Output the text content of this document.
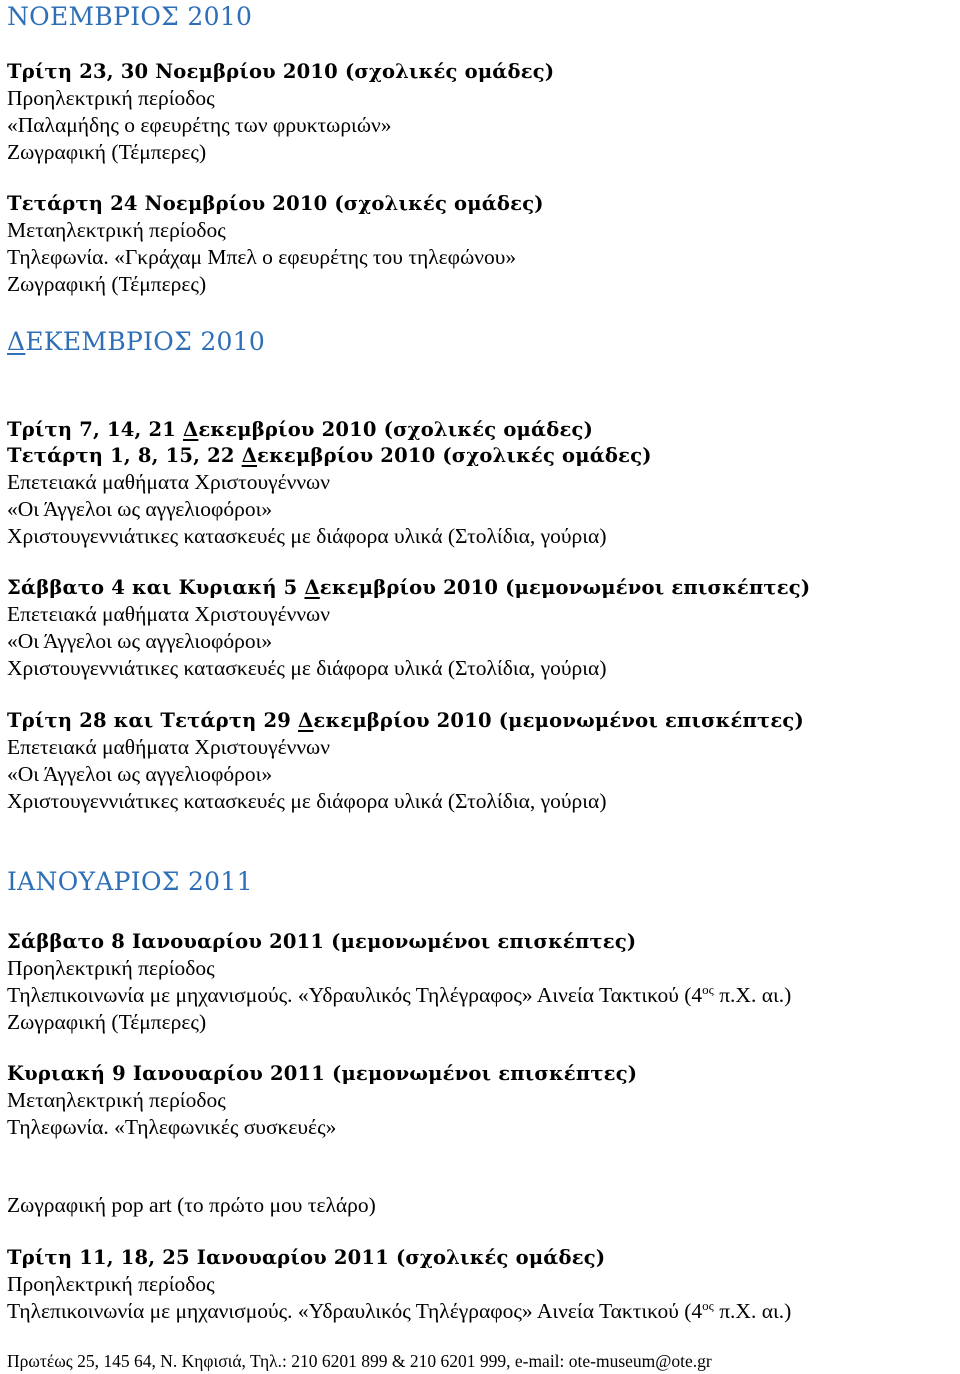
ΝΟΕΜΒΡΙΟΣ 2010
Τρίτη 23, 30 Νοεμβρίου 2010 (σχολικές ομάδες)
Προηλεκτρική περίοδος
«Παλαμήδης ο εφευρέτης των φρυκτωριών»
Ζωγραφική (Τέμπερες)
Τετάρτη 24 Νοεμβρίου 2010 (σχολικές ομάδες)
Μεταηλεκτρική περίοδος
Τηλεφωνία. «Γκράχαμ Μπελ ο εφευρέτης του τηλεφώνου»
Ζωγραφική (Τέμπερες)
ΔΕΚΕΜΒΡΙΟΣ 2010
Τρίτη 7, 14, 21 Δεκεμβρίου 2010 (σχολικές ομάδες)
Τετάρτη 1, 8, 15, 22 Δεκεμβρίου 2010 (σχολικές ομάδες)
Επετειακά μαθήματα Χριστουγέννων
«Οι Άγγελοι ως αγγελιοφόροι»
Χριστουγεννιάτικες κατασκευές με διάφορα υλικά (Στολίδια, γούρια)
Σάββατο 4 και Κυριακή 5 Δεκεμβρίου 2010 (μεμονωμένοι επισκέπτες)
Επετειακά μαθήματα Χριστουγέννων
«Οι Άγγελοι ως αγγελιοφόροι»
Χριστουγεννιάτικες κατασκευές με διάφορα υλικά (Στολίδια, γούρια)
Τρίτη 28 και Τετάρτη 29 Δεκεμβρίου 2010 (μεμονωμένοι επισκέπτες)
Επετειακά μαθήματα Χριστουγέννων
«Οι Άγγελοι ως αγγελιοφόροι»
Χριστουγεννιάτικες κατασκευές με διάφορα υλικά (Στολίδια, γούρια)
ΙΑΝΟΥΑΡΙΟΣ 2011
Σάββατο 8 Ιανουαρίου 2011 (μεμονωμένοι επισκέπτες)
Προηλεκτρική περίοδος
Τηλεπικοινωνία με μηχανισμούς. «Υδραυλικός Τηλέγραφος» Αινεία Τακτικού ($4^{o\varsigma}$ π.Χ. αι.)
Ζωγραφική (Τέμπερες)
Κυριακή 9 Ιανουαρίου 2011 (μεμονωμένοι επισκέπτες)
Μεταηλεκτρική περίοδος
Τηλεφωνία. «Τηλεφωνικές συσκευές»
Ζωγραφική pop art (το πρώτο μου τελάρο)
Τρίτη 11, 18, 25 Ιανουαρίου 2011 (σχολικές ομάδες)
Προηλεκτρική περίοδος
Τηλεπικοινωνία με μηχανισμούς. «Υδραυλικός Τηλέγραφος» Αινεία Τακτικού ($4^{o\varsigma}$ π.Χ. αι.)
Πρωτέως 25, 145 64, Ν. Κηφισιά, Τηλ.: 210 6201 899 & 210 6201 999, e-mail: ote-museum@ote.gr
